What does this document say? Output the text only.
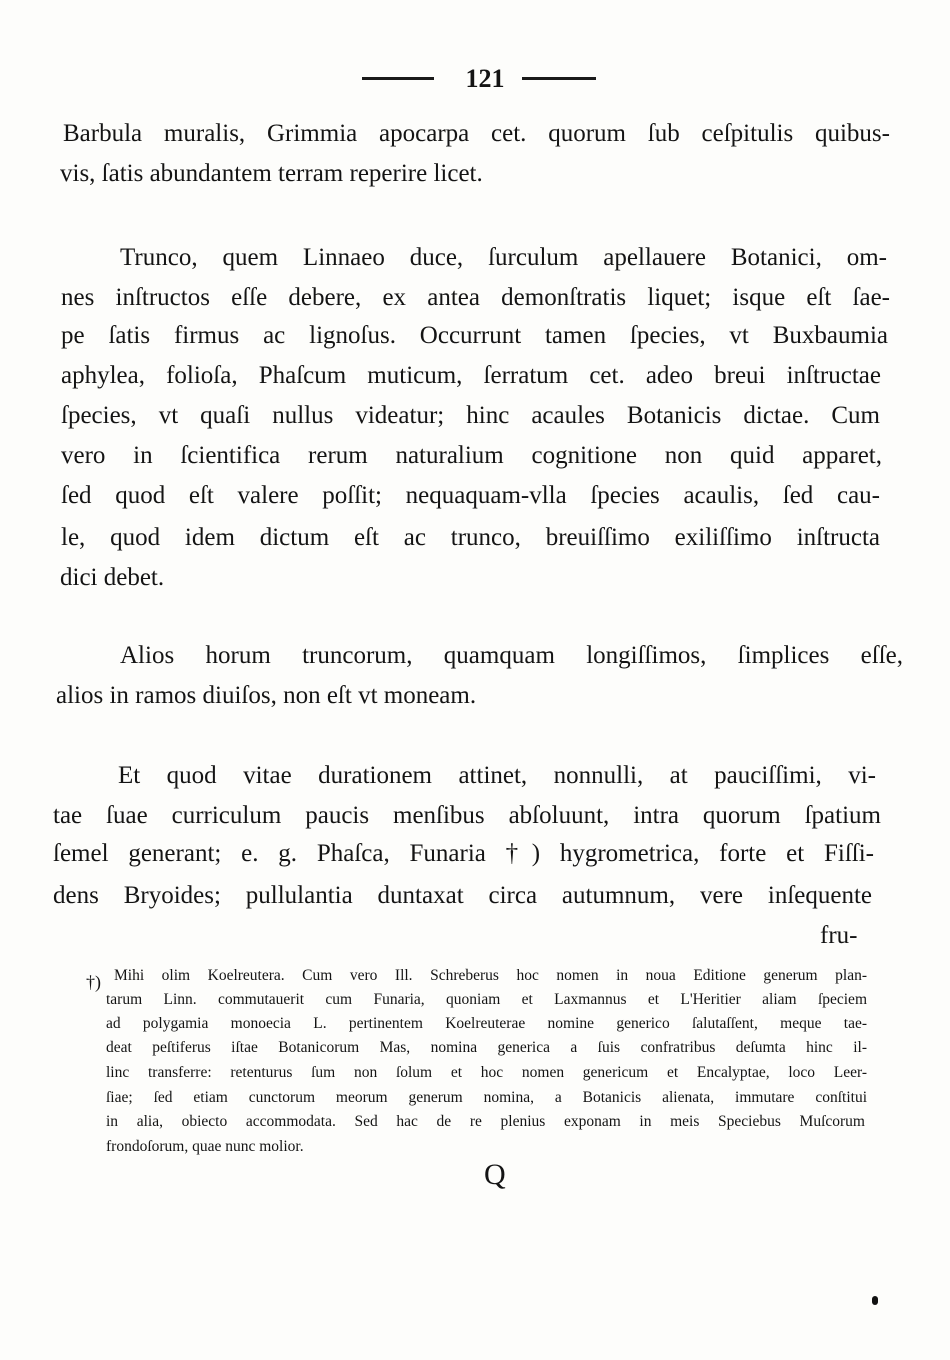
121
Barbula muralis, Grimmia apocarpa cet. quorum ſub ceſpitulis quibus-
vis, ſatis abundantem terram reperire licet.
Trunco, quem Linnaeo duce, ſurculum apellauere Botanici, om-
nes inſtructos eſſe debere, ex antea demonſtratis liquet; isque eſt ſae-
pe ſatis firmus ac lignoſus. Occurrunt tamen ſpecies, vt Buxbaumia
aphylea, folioſa, Phaſcum muticum, ſerratum cet. adeo breui inſtructae
ſpecies, vt quaſi nullus videatur; hinc acaules Botanicis dictae. Cum
vero in ſcientifica rerum naturalium cognitione non quid apparet,
ſed quod eſt valere poſſit; nequaquam-vlla ſpecies acaulis, ſed cau-
le, quod idem dictum eſt ac trunco, breuiſſimo exiliſſimo inſtructa
dici debet.
Alios horum truncorum, quamquam longiſſimos, ſimplices eſſe,
alios in ramos diuiſos, non eſt vt moneam.
Et quod vitae durationem attinet, nonnulli, at pauciſſimi, vi-
tae ſuae curriculum paucis menſibus abſoluunt, intra quorum ſpatium
ſemel generant; e. g. Phaſca, Funaria †) hygrometrica, forte et Fiſſi-
dens Bryoides; pullulantia duntaxat circa autumnum, vere inſequente
fru-
†) Mihi olim Koelreutera. Cum vero Ill. Schreberus hoc nomen in noua Editione generum plan-
tarum Linn. commutauerit cum Funaria, quoniam et Laxmannus et L'Heritier aliam ſpeciem
ad polygamia monoecia L. pertinentem Koelreuterae nomine generico ſalutaſſent, meque tae-
deat peſtiferus iſtae Botanicorum Mas, nomina generica a ſuis confratribus deſumta hinc il-
linc transferre: retenturus ſum non ſolum et hoc nomen genericum et Encalyptae, loco Leer-
ſiae; ſed etiam cunctorum meorum generum nomina, a Botanicis alienata, immutare conſtitui
in alia, obiecto accommodata. Sed hac de re plenius exponam in meis Speciebus Muſcorum
frondoſorum, quae nunc molior.
Q
